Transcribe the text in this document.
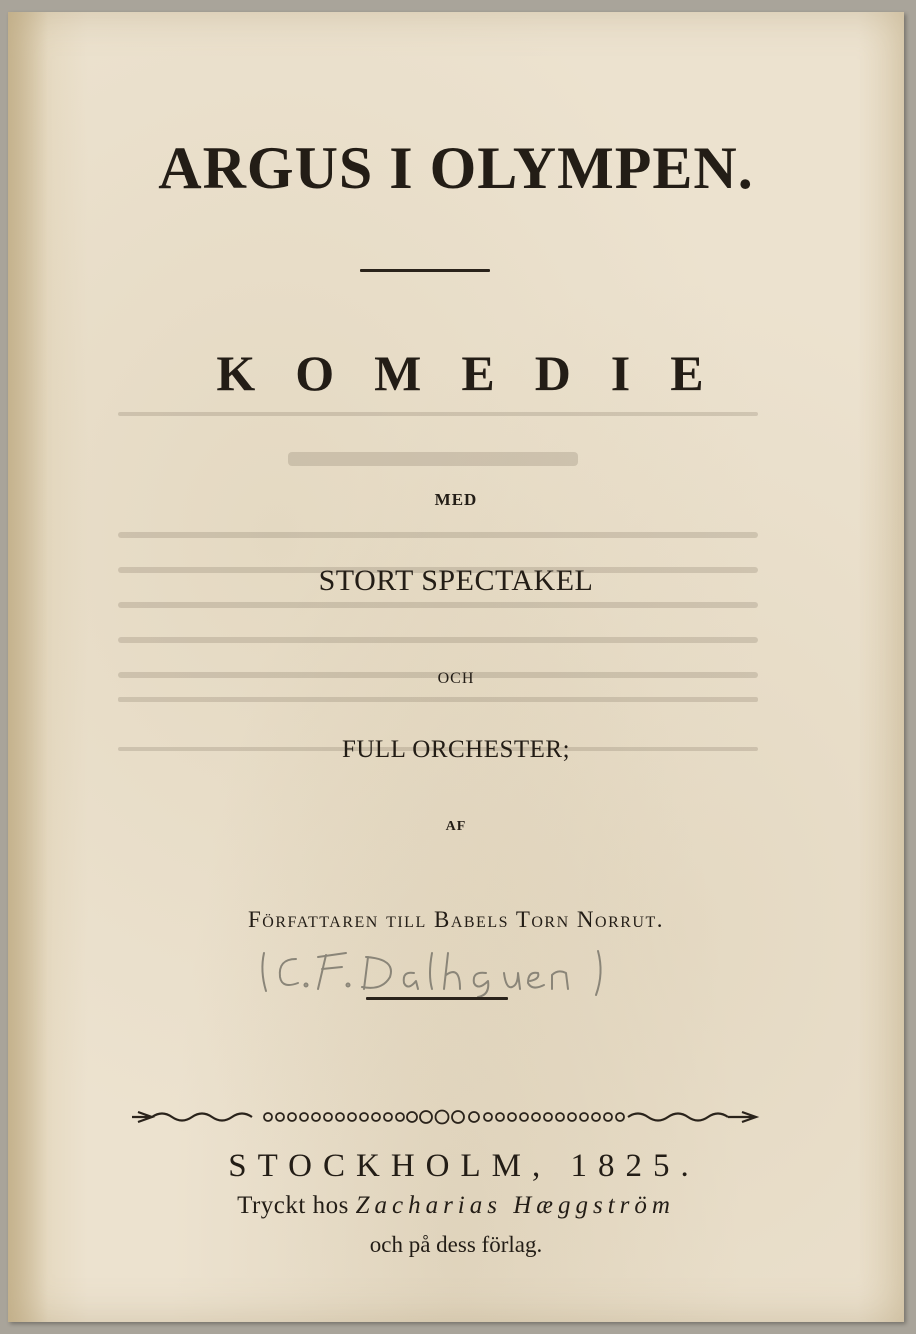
ARGUS I OLYMPEN.
KOMEDIE
MED
STORT SPECTAKEL
OCH
FULL ORCHESTER;
AF
Författaren till Babels Torn Norrut.
STOCKHOLM, 1825.
Tryckt hos Zacharias Hæggström
och på dess förlag.
